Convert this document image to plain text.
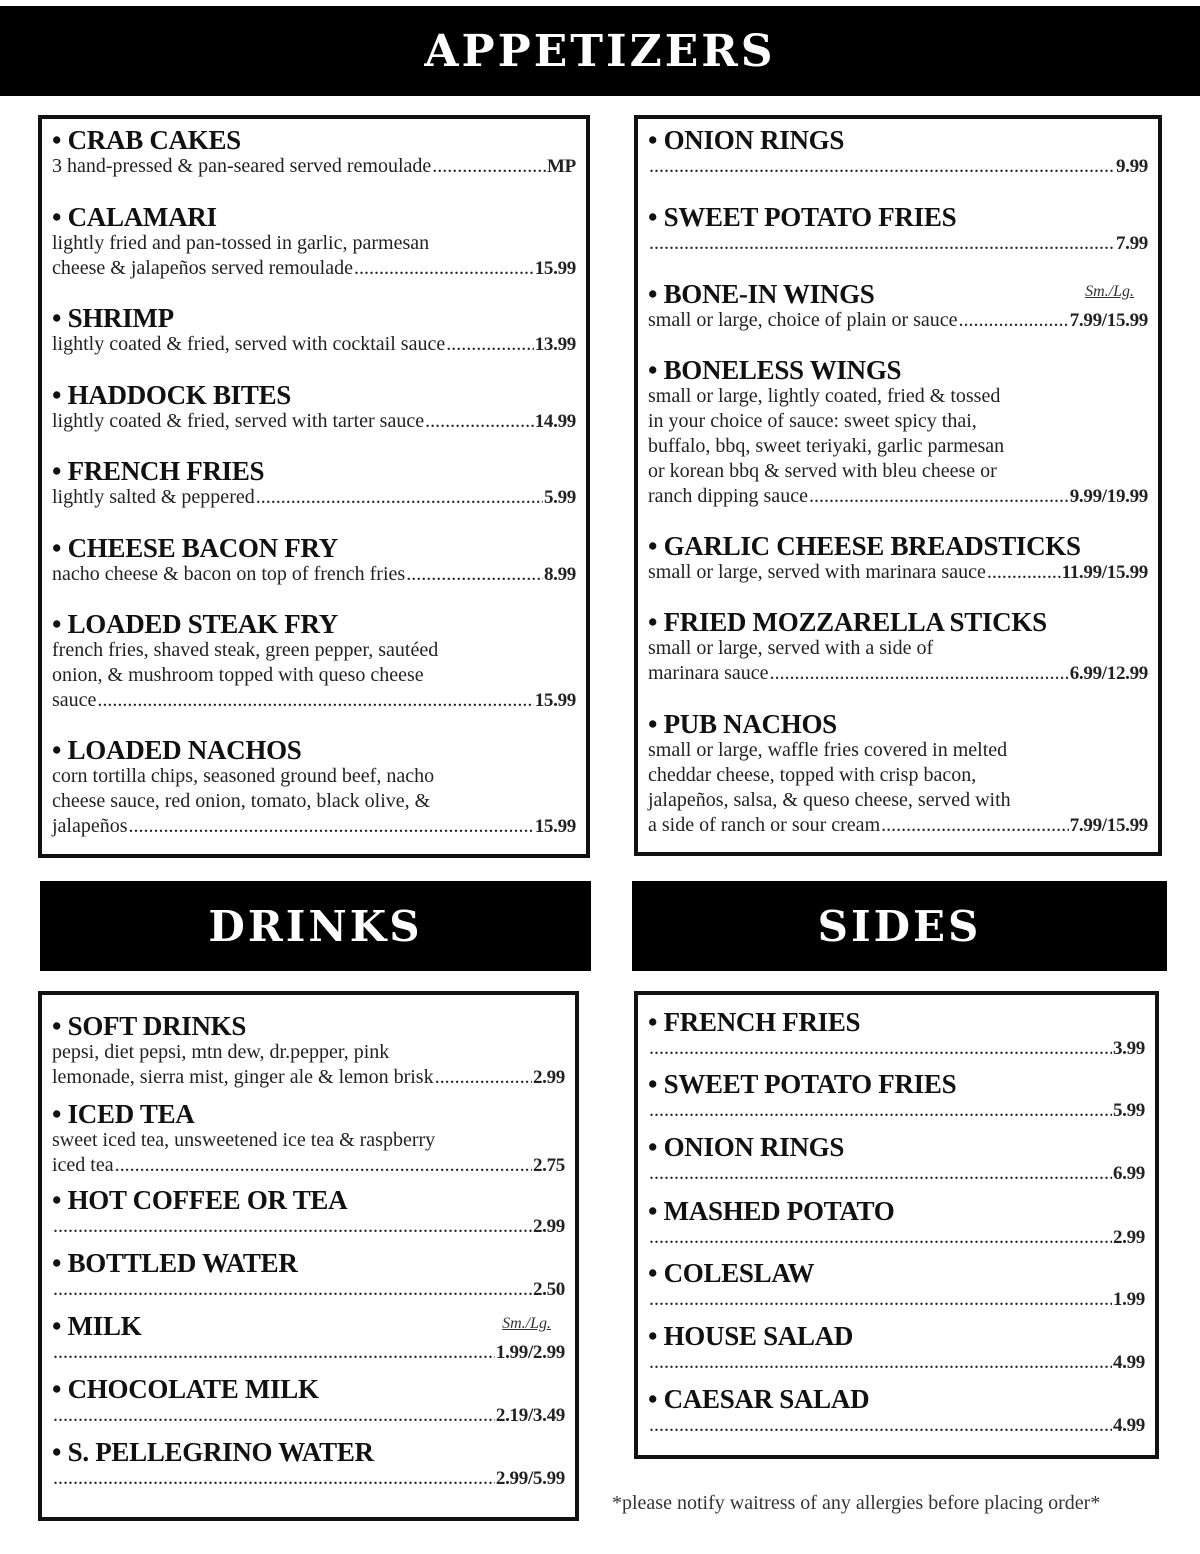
APPETIZERS
DRINKS	SIDES
• CRAB CAKES
3 hand-pressed & pan-seared served remoulade .....	MP
• CALAMARI
lightly fried and pan-tossed in garlic, parmesan
cheese & jalapeños served remoulade .....	15.99
• SHRIMP
lightly coated & fried, served with cocktail sauce .....	13.99
• HADDOCK BITES
lightly coated & fried, served with tarter sauce .....	14.99
• FRENCH FRIES
lightly salted & peppered .....	5.99
• CHEESE BACON FRY
nacho cheese & bacon on top of french fries .....	8.99
• LOADED STEAK FRY
french fries, shaved steak, green pepper, sautéed
onion, & mushroom topped with queso cheese
sauce .....	15.99
• LOADED NACHOS
corn tortilla chips, seasoned ground beef, nacho
cheese sauce, red onion, tomato, black olive, &
jalapeños .....	15.99
• ONION RINGS
.....
9.99
• SWEET POTATO FRIES
.....
7.99
• BONE-IN WINGS	Sm./Lg.
small or large, choice of plain or sauce .....	7.99/15.99
• BONELESS WINGS
small or large, lightly coated, fried & tossed
in your choice of sauce: sweet spicy thai,
buffalo, bbq, sweet teriyaki, garlic parmesan
or korean bbq & served with bleu cheese or
ranch dipping sauce .....	9.99/19.99
• GARLIC CHEESE BREADSTICKS
small or large, served with marinara sauce .....	11.99/15.99
• FRIED MOZZARELLA STICKS
small or large, served with a side of
marinara sauce .....	6.99/12.99
• PUB NACHOS
small or large, waffle fries covered in melted
cheddar cheese, topped with crisp bacon,
jalapeños, salsa, & queso cheese, served with
a side of ranch or sour cream .....	7.99/15.99
• SOFT DRINKS
pepsi, diet pepsi, mtn dew, dr.pepper, pink
lemonade, sierra mist, ginger ale & lemon brisk .....	2.99
• ICED TEA
sweet iced tea, unsweetened ice tea & raspberry
iced tea .....	2.75
• HOT COFFEE OR TEA
.....
2.99
• BOTTLED WATER
.....
2.50
• MILK	Sm./Lg.
.....
1.99/2.99
• CHOCOLATE MILK
.....
2.19/3.49
• S. PELLEGRINO WATER
.....
2.99/5.99
• FRENCH FRIES
.....
3.99
• SWEET POTATO FRIES
.....
5.99
• ONION RINGS
.....
6.99
• MASHED POTATO
.....
2.99
• COLESLAW
.....
1.99
• HOUSE SALAD
.....
4.99
• CAESAR SALAD
.....
4.99
*please notify waitress of any allergies before placing order*
